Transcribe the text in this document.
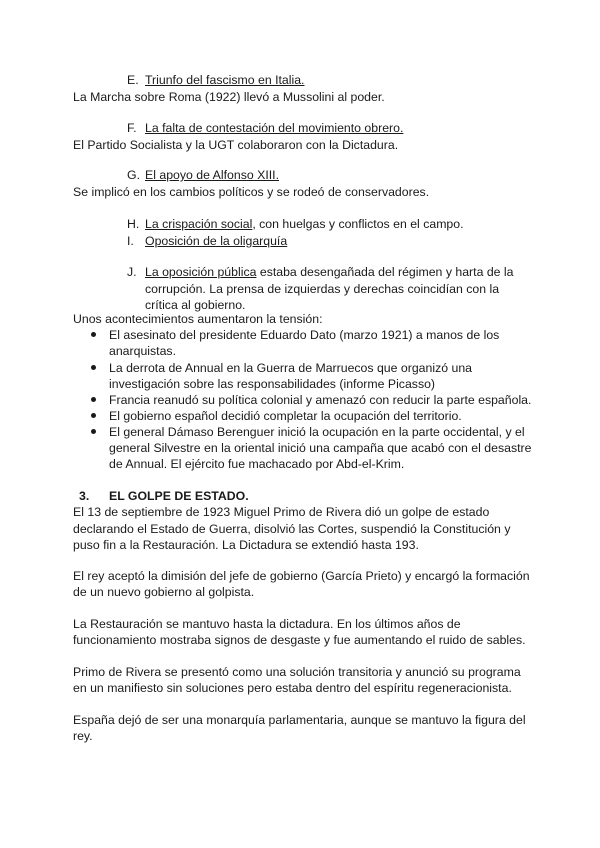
E. Triunfo del fascismo en Italia.
La Marcha sobre Roma (1922) llevó a Mussolini al poder.
F. La falta de contestación del movimiento obrero.
El Partido Socialista y la UGT colaboraron con la Dictadura.
G. El apoyo de Alfonso XIII.
Se implicó en los cambios políticos y se rodeó de conservadores.
H. La crispación social, con huelgas y conflictos en el campo.
I. Oposición de la oligarquía
J. La oposición pública estaba desengañada del régimen y harta de la
corrupción. La prensa de izquierdas y derechas coincidían con la
crítica al gobierno.
Unos acontecimientos aumentaron la tensión:
El asesinato del presidente Eduardo Dato (marzo 1921) a manos de los
anarquistas.
La derrota de Annual en la Guerra de Marruecos que organizó una
investigación sobre las responsabilidades (informe Picasso)
Francia reanudó su política colonial y amenazó con reducir la parte española.
El gobierno español decidió completar la ocupación del territorio.
El general Dámaso Berenguer inició la ocupación en la parte occidental, y el
general Silvestre en la oriental inició una campaña que acabó con el desastre
de Annual. El ejército fue machacado por Abd-el-Krim.
3. EL GOLPE DE ESTADO.
El 13 de septiembre de 1923 Miguel Primo de Rivera dió un golpe de estado
declarando el Estado de Guerra, disolvió las Cortes, suspendió la Constitución y
puso fin a la Restauración. La Dictadura se extendió hasta 193.
El rey aceptó la dimisión del jefe de gobierno (García Prieto) y encargó la formación
de un nuevo gobierno al golpista.
La Restauración se mantuvo hasta la dictadura. En los últimos años de
funcionamiento mostraba signos de desgaste y fue aumentando el ruido de sables.
Primo de Rivera se presentó como una solución transitoria y anunció su programa
en un manifiesto sin soluciones pero estaba dentro del espíritu regeneracionista.
España dejó de ser una monarquía parlamentaria, aunque se mantuvo la figura del
rey.
